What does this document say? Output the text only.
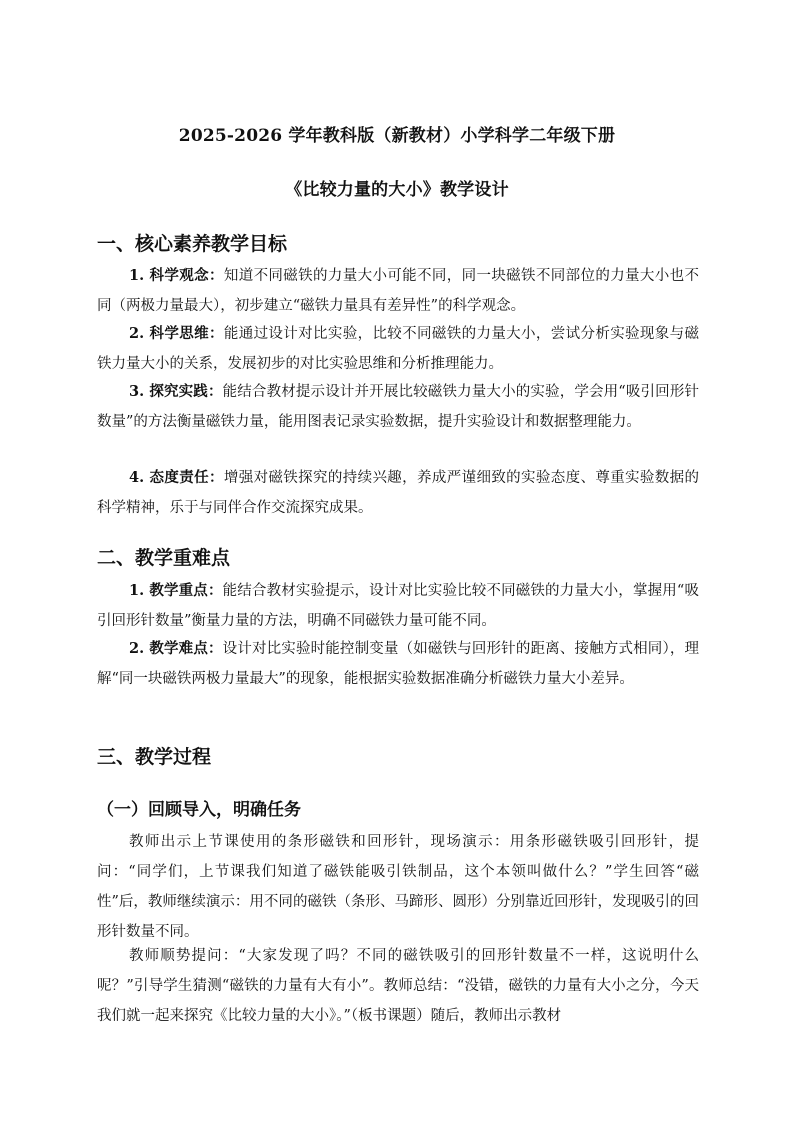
2025-2026 学年教科版（新教材）小学科学二年级下册
《比较力量的大小》教学设计
一、核心素养教学目标

1. 科学观念：知道不同磁铁的力量大小可能不同，同一块磁铁不同部位的力量大小也不同（两极力量最大），初步建立“磁铁力量具有差异性”的科学观念。

2. 科学思维：能通过设计对比实验，比较不同磁铁的力量大小，尝试分析实验现象与磁铁力量大小的关系，发展初步的对比实验思维和分析推理能力。

3. 探究实践：能结合教材提示设计并开展比较磁铁力量大小的实验，学会用“吸引回形针数量”的方法衡量磁铁力量，能用图表记录实验数据，提升实验设计和数据整理能力。

4. 态度责任：增强对磁铁探究的持续兴趣，养成严谨细致的实验态度、尊重实验数据的科学精神，乐于与同伴合作交流探究成果。

二、教学重难点

1. 教学重点：能结合教材实验提示，设计对比实验比较不同磁铁的力量大小，掌握用“吸引回形针数量”衡量力量的方法，明确不同磁铁力量可能不同。

2. 教学难点：设计对比实验时能控制变量（如磁铁与回形针的距离、接触方式相同），理解“同一块磁铁两极力量最大”的现象，能根据实验数据准确分析磁铁力量大小差异。

三、教学过程
（一）回顾导入，明确任务

教师出示上节课使用的条形磁铁和回形针，现场演示：用条形磁铁吸引回形针，提问：“同学们，上节课我们知道了磁铁能吸引铁制品，这个本领叫做什么？”学生回答“磁性”后，教师继续演示：用不同的磁铁（条形、马蹄形、圆形）分别靠近回形针，发现吸引的回形针数量不同。

教师顺势提问：“大家发现了吗？不同的磁铁吸引的回形针数量不一样，这说明什么呢？”引导学生猜测“磁铁的力量有大有小”。教师总结：“没错，磁铁的力量有大小之分，今天我们就一起来探究《比较力量的大小》。”（板书课题）随后，教师出示教材
